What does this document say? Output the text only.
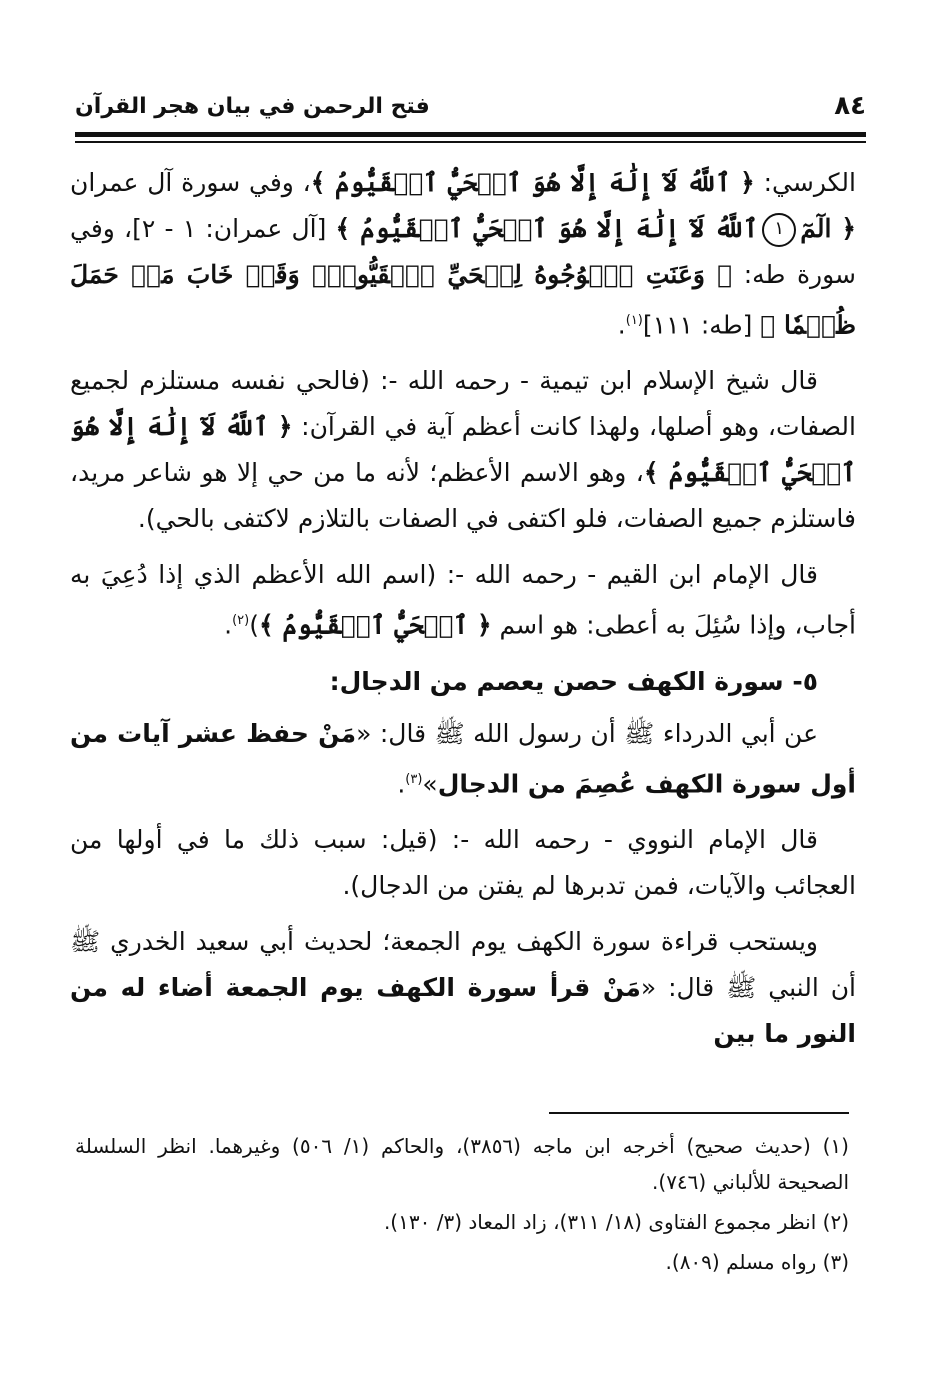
٨٤
فتح الرحمن في بيان هجر القرآن

الكرسي: ﴿ ٱللَّهُ لَآ إِلَٰهَ إِلَّا هُوَ ٱلۡحَيُّ ٱلۡقَيُّومُ ﴾، وفي سورة آل عمران ﴿ الٓمٓ١ٱللَّهُ لَآ إِلَٰهَ إِلَّا هُوَ ٱلۡحَيُّ ٱلۡقَيُّومُ ﴾ [آل عمران: ١ - ٢]، وفي سورة طه: ﴿ وَعَنَتِ ٱلۡوُجُوهُ لِلۡحَيِّ ٱلۡقَيُّومِۖ وَقَدۡ خَابَ مَنۡ حَمَلَ ظُلۡمٗا ﴾ [طه: ١١١]$^{(١)}$.

قال شيخ الإسلام ابن تيمية - رحمه الله -: (فالحي نفسه مستلزم لجميع الصفات، وهو أصلها، ولهذا كانت أعظم آية في القرآن: ﴿ ٱللَّهُ لَآ إِلَٰهَ إِلَّا هُوَ ٱلۡحَيُّ ٱلۡقَيُّومُ ﴾، وهو الاسم الأعظم؛ لأنه ما من حي إلا هو شاعر مريد، فاستلزم جميع الصفات، فلو اكتفى في الصفات بالتلازم لاكتفى بالحي).

قال الإمام ابن القيم - رحمه الله -: (اسم الله الأعظم الذي إذا دُعِيَ به أجاب، وإذا سُئِلَ به أعطى: هو اسم ﴿ ٱلۡحَيُّ ٱلۡقَيُّومُ ﴾)$^{(٢)}$.

٥- سورة الكهف حصن يعصم من الدجال:

عن أبي الدرداء ﷺ أن رسول الله ﷺ قال: «مَنْ حفظ عشر آيات من أول سورة الكهف عُصِمَ من الدجال»$^{(٣)}$.

قال الإمام النووي - رحمه الله -: (قيل: سبب ذلك ما في أولها من العجائب والآيات، فمن تدبرها لم يفتن من الدجال).

ويستحب قراءة سورة الكهف يوم الجمعة؛ لحديث أبي سعيد الخدري ﷺ أن النبي ﷺ قال: «مَنْ قرأ سورة الكهف يوم الجمعة أضاء له من النور ما بين

(١) (حديث صحيح) أخرجه ابن ماجه (٣٨٥٦)، والحاكم (١/ ٥٠٦) وغيرهما. انظر السلسلة الصحيحة للألباني (٧٤٦).

(٢) انظر مجموع الفتاوى (١٨/ ٣١١)، زاد المعاد (٣/ ١٣٠).

(٣) رواه مسلم (٨٠٩).
